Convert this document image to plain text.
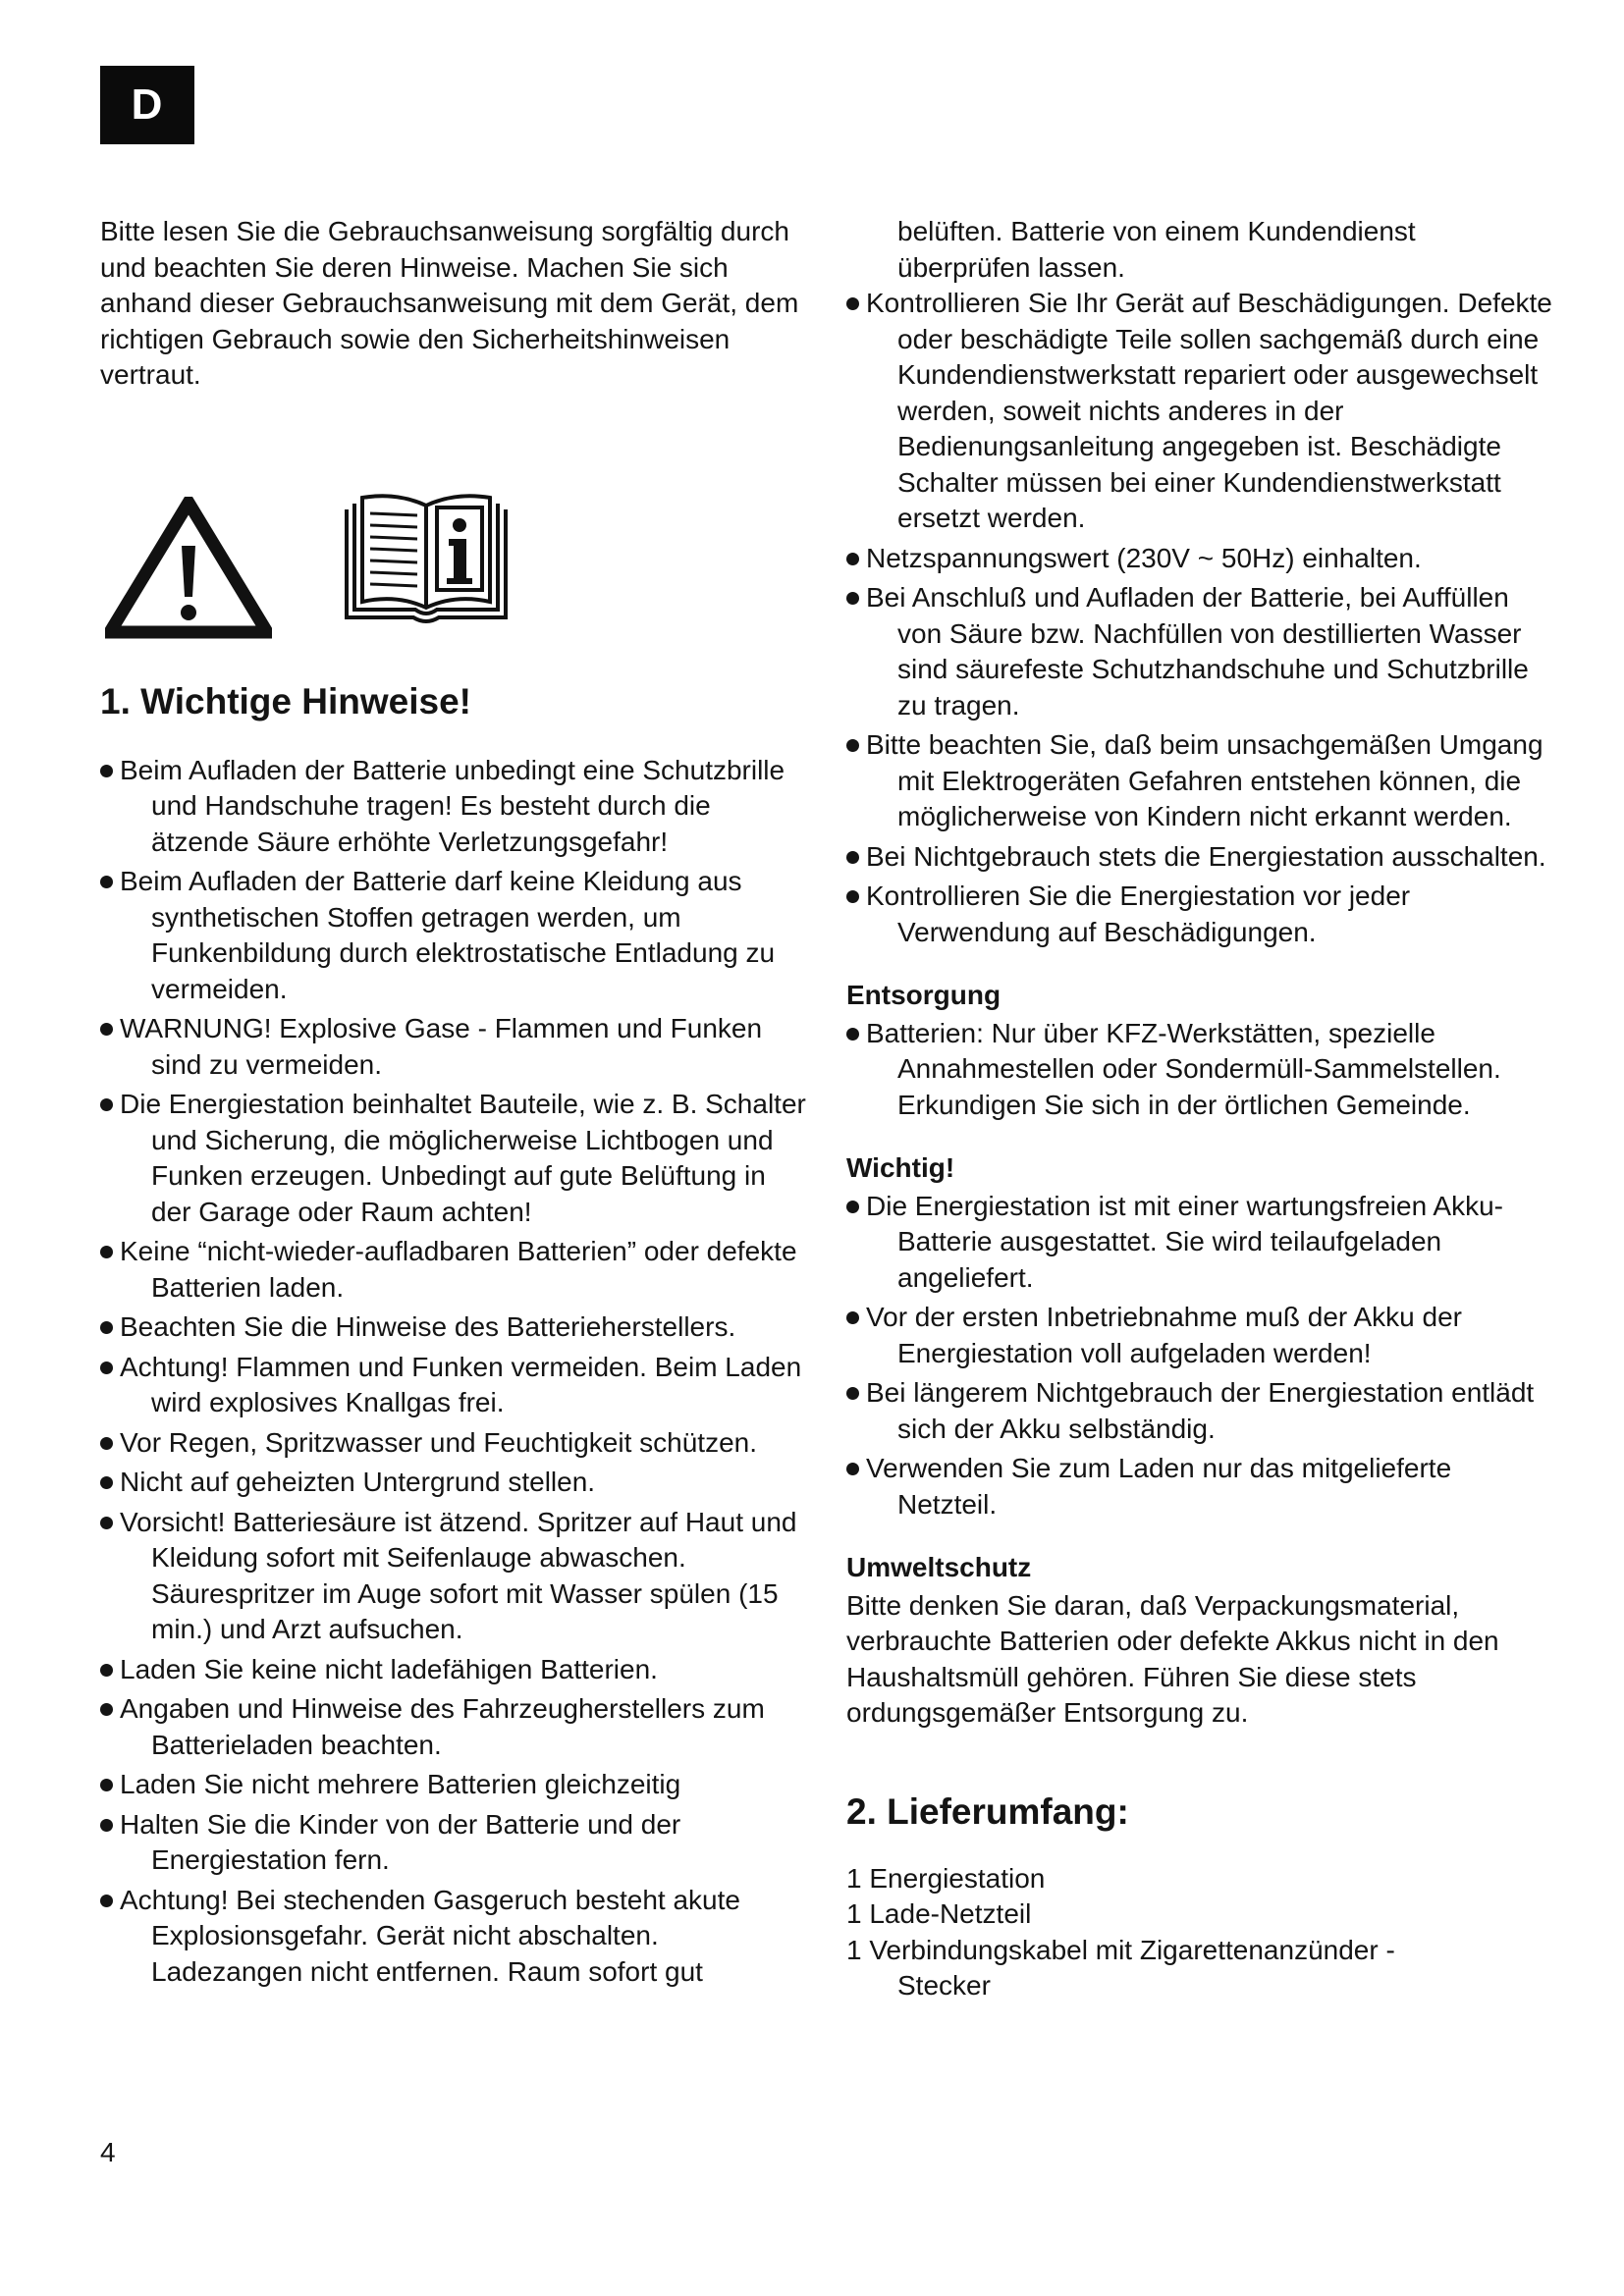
D

Bitte lesen Sie die Gebrauchsanweisung sorgfältig durch und beachten Sie deren Hinweise. Machen Sie sich anhand dieser Gebrauchsanweisung mit dem Gerät, dem richtigen Gebrauch sowie den Sicherheitshinweisen vertraut.

1. Wichtige Hinweise!
Beim Aufladen der Batterie unbedingt eine Schutzbrille und Handschuhe tragen! Es besteht durch die ätzende Säure erhöhte Verletzungsgefahr!
Beim Aufladen der Batterie darf keine Kleidung aus synthetischen Stoffen getragen werden, um Funkenbildung durch elektrostatische Entladung zu vermeiden.
WARNUNG! Explosive Gase - Flammen und Funken sind zu vermeiden.
Die Energiestation beinhaltet Bauteile, wie z. B. Schalter und Sicherung, die möglicherweise Lichtbogen und Funken erzeugen. Unbedingt auf gute Belüftung in der Garage oder Raum achten!
Keine “nicht-wieder-aufladbaren Batterien” oder defekte Batterien laden.
Beachten Sie die Hinweise des Batterieherstellers.
Achtung! Flammen und Funken vermeiden. Beim Laden wird explosives Knallgas frei.
Vor Regen, Spritzwasser und Feuchtigkeit schützen.
Nicht auf geheizten Untergrund stellen.
Vorsicht! Batteriesäure ist ätzend. Spritzer auf Haut und Kleidung sofort mit Seifenlauge abwaschen. Säurespritzer im Auge sofort mit Wasser spülen (15 min.) und Arzt aufsuchen.
Laden Sie keine nicht ladefähigen Batterien.
Angaben und Hinweise des Fahrzeugherstellers zum Batterieladen beachten.
Laden Sie nicht mehrere Batterien gleichzeitig
Halten Sie die Kinder von der Batterie und der Energiestation fern.
Achtung! Bei stechenden Gasgeruch besteht akute Explosionsgefahr. Gerät nicht abschalten. Ladezangen nicht entfernen. Raum sofort gut
belüften. Batterie von einem Kundendienst überprüfen lassen.
Kontrollieren Sie Ihr Gerät auf Beschädigungen. Defekte oder beschädigte Teile sollen sachgemäß durch eine Kundendienstwerkstatt repariert oder ausgewechselt werden, soweit nichts anderes in der Bedienungsanleitung angegeben ist. Beschädigte Schalter müssen bei einer Kundendienstwerkstatt ersetzt werden.
Netzspannungswert (230V ~ 50Hz) einhalten.
Bei Anschluß und Aufladen der Batterie, bei Auffüllen von Säure bzw. Nachfüllen von destillierten Wasser sind säurefeste Schutzhandschuhe und Schutzbrille zu tragen.
Bitte beachten Sie, daß beim unsachgemäßen Umgang mit Elektrogeräten Gefahren entstehen können, die möglicherweise von Kindern nicht erkannt werden.
Bei Nichtgebrauch stets die Energiestation ausschalten.
Kontrollieren Sie die Energiestation vor jeder Verwendung auf Beschädigungen.
Entsorgung
Batterien: Nur über KFZ-Werkstätten, spezielle Annahmestellen oder Sondermüll-Sammelstellen. Erkundigen Sie sich in der örtlichen Gemeinde.
Wichtig!
Die Energiestation ist mit einer wartungsfreien Akku-Batterie ausgestattet. Sie wird teilaufgeladen angeliefert.
Vor der ersten Inbetriebnahme muß der Akku der Energiestation voll aufgeladen werden!
Bei längerem Nichtgebrauch der Energiestation entlädt sich der Akku selbständig.
Verwenden Sie zum Laden nur das mitgelieferte Netzteil.
Umweltschutz

Bitte denken Sie daran, daß Verpackungsmaterial, verbrauchte Batterien oder defekte Akkus nicht in den Haushaltsmüll gehören. Führen Sie diese stets ordungsgemäßer Entsorgung zu.

2. Lieferumfang:
1 Energiestation
1 Lade-Netzteil
1 Verbindungskabel mit Zigarettenanzünder -

Stecker
4
